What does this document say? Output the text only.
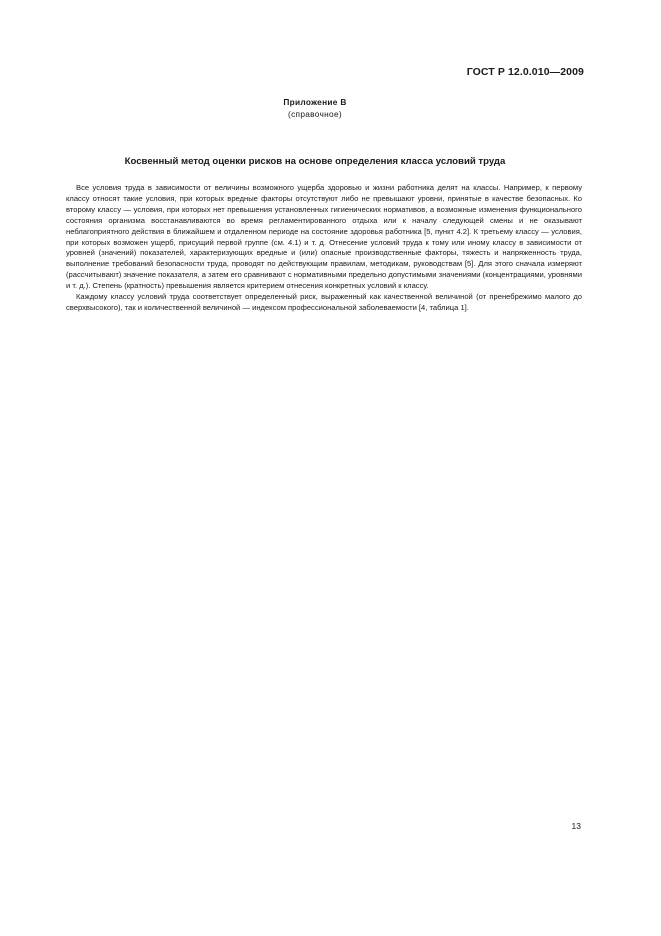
ГОСТ Р 12.0.010—2009
Приложение В
(справочное)
Косвенный метод оценки рисков на основе определения класса условий труда

Все условия труда в зависимости от величины возможного ущерба здоровью и жизни работника делят на классы. Например, к первому классу относят такие условия, при которых вредные факторы отсутствуют либо не превышают уровни, принятые в качестве безопасных. Ко второму классу — условия, при которых нет превышения установленных гигиенических нормативов, а возможные изменения функционального состояния организма восстанавливаются во время регламентированного отдыха или к началу следующей смены и не оказывают неблагоприятного действия в ближайшем и отдаленном периоде на состояние здоровья работника [5, пункт 4.2]. К третьему классу — условия, при которых возможен ущерб, присущий первой группе (см. 4.1) и т. д. Отнесение условий труда к тому или иному классу в зависимости от уровней (значений) показателей, характеризующих вредные и (или) опасные производственные факторы, тяжесть и напряженность труда, выполнение требований безопасности труда, проводят по действующим правилам, методикам, руководствам [5]. Для этого сначала измеряют (рассчитывают) значение показателя, а затем его сравнивают с нормативными предельно допустимыми значениями (концентрациями, уровнями и т. д.). Степень (кратность) превышения является критерием отнесения конкретных условий к классу.

Каждому классу условий труда соответствует определенный риск, выраженный как качественной величиной (от пренебрежимо малого до сверхвысокого), так и количественной величиной — индексом профессиональной заболеваемости [4, таблица 1].

13
